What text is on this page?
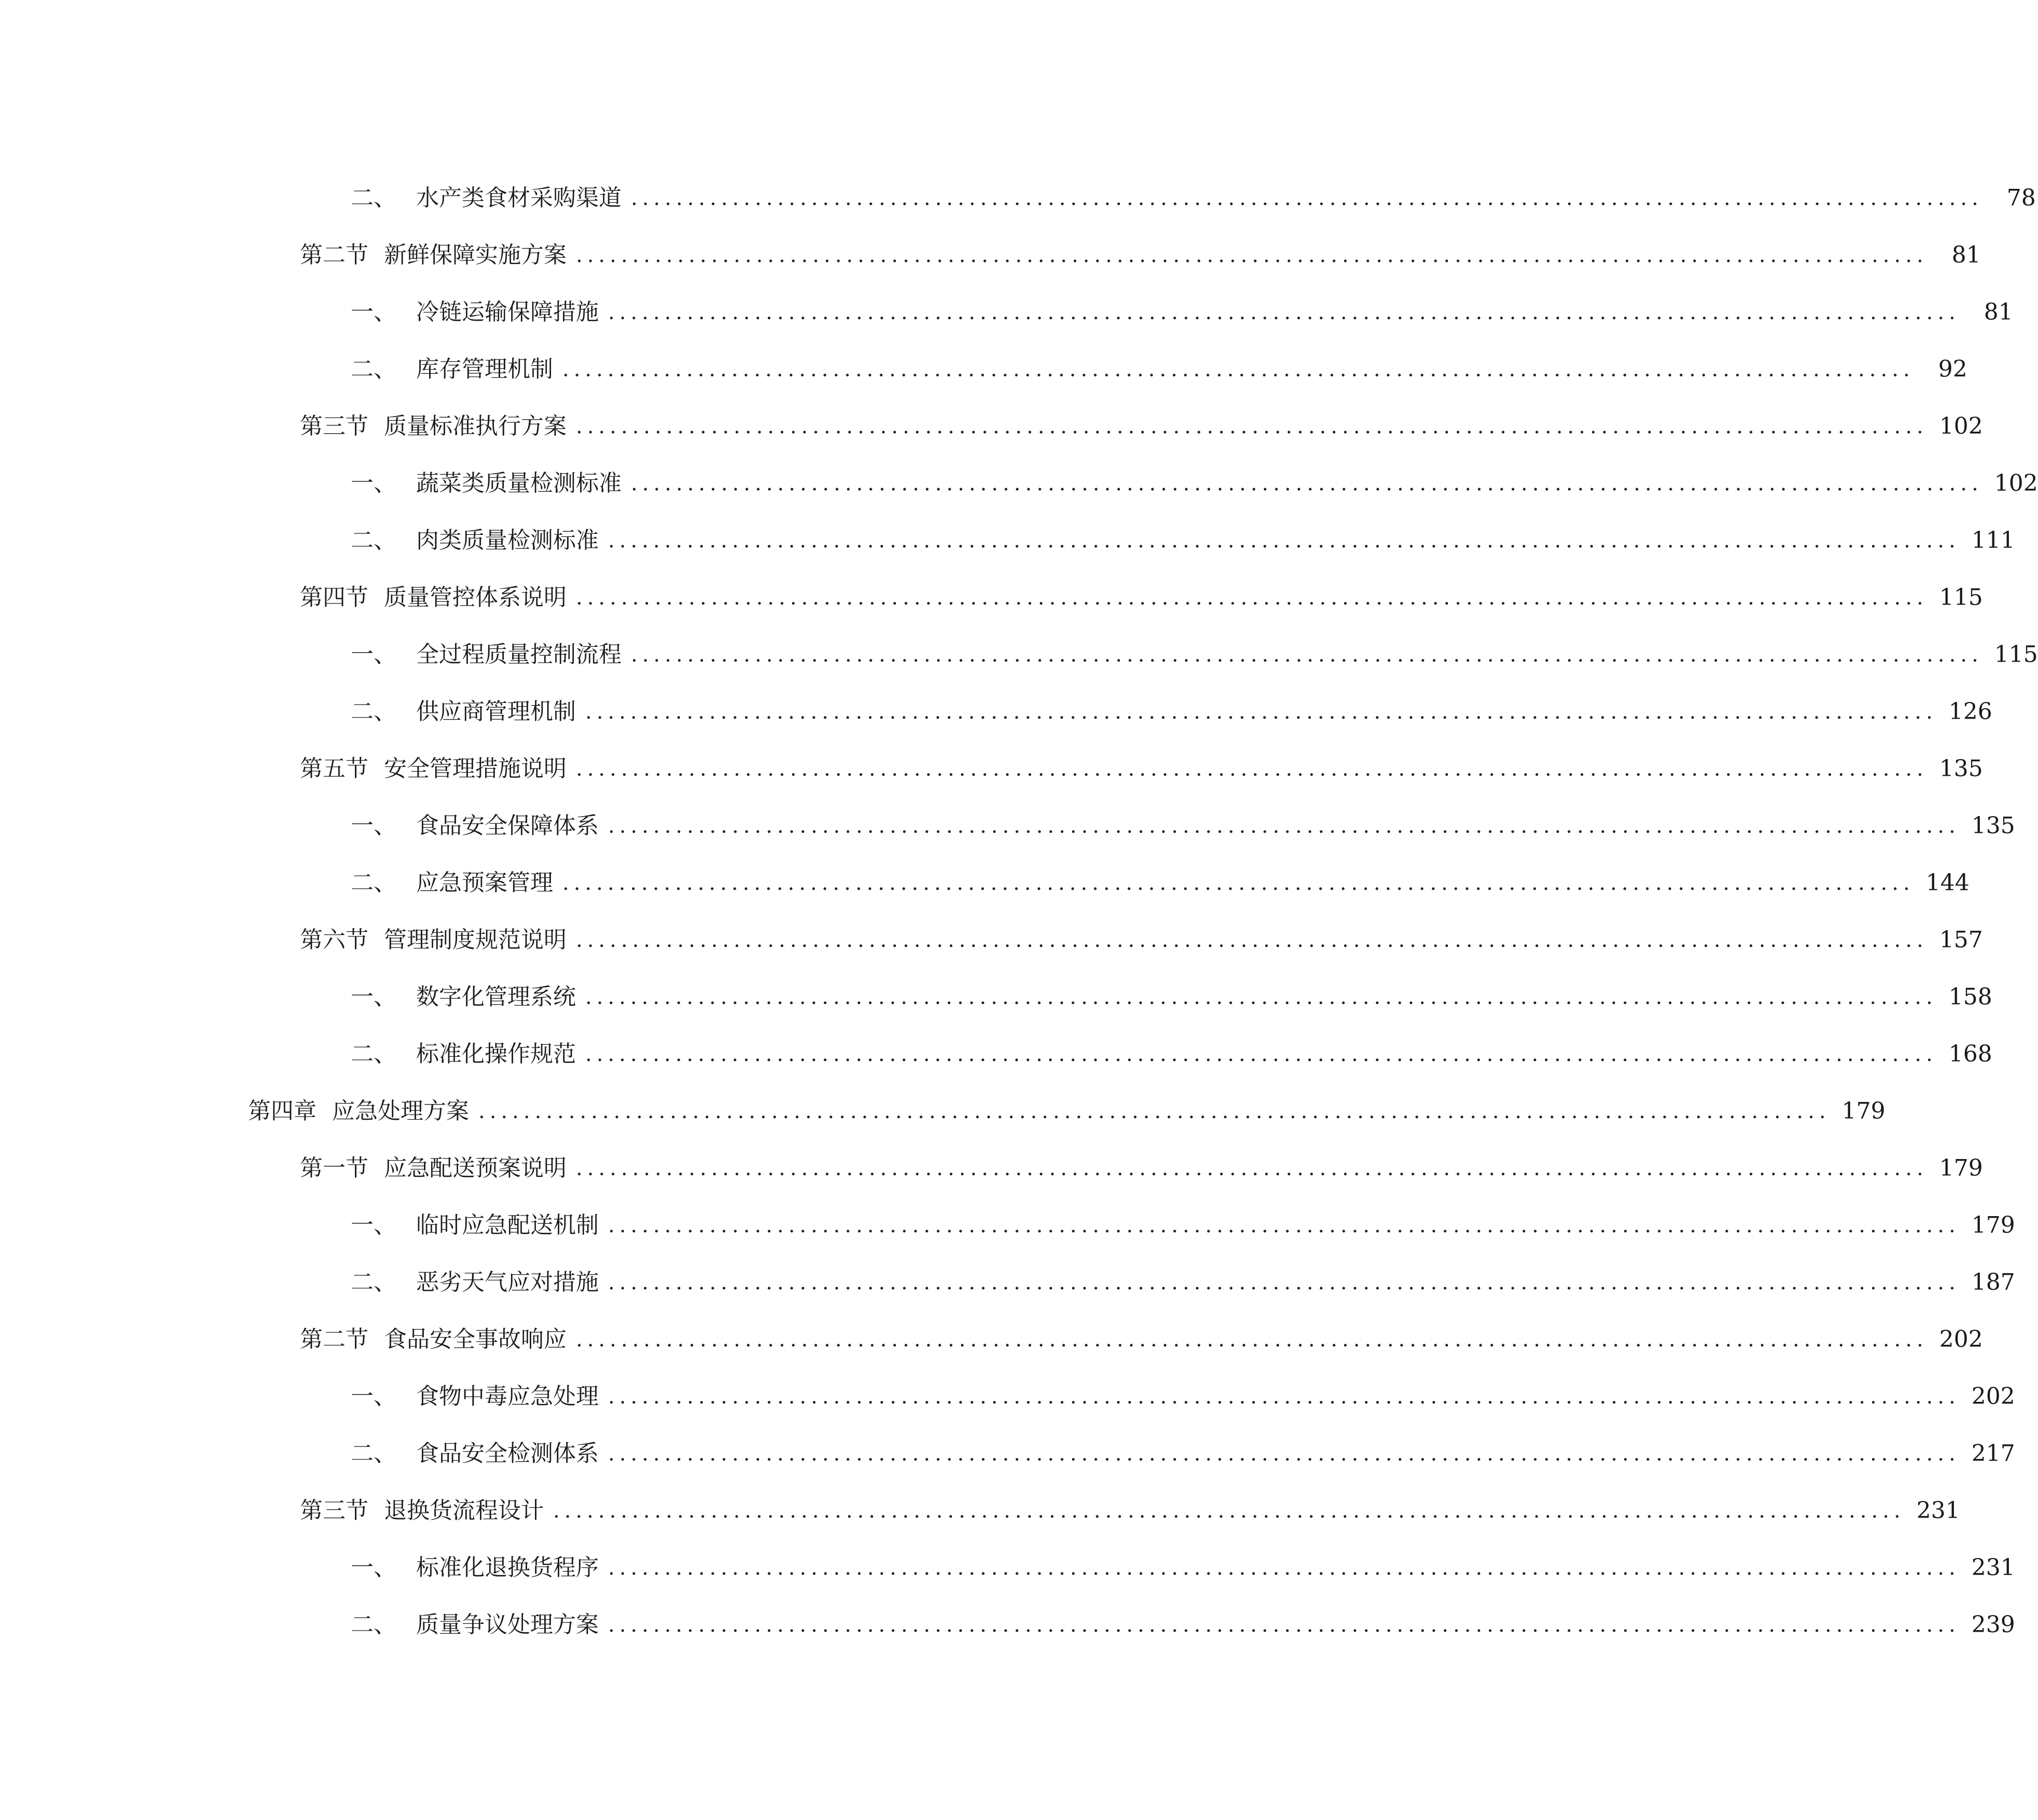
二、 水产类食材采购渠道 ........................................................................................................................	78
第二节 新鲜保障实施方案 ........................................................................................................................	81
一、 冷链运输保障措施 ........................................................................................................................	81
二、 库存管理机制 ........................................................................................................................	92
第三节 质量标准执行方案 ........................................................................................................................ 102
一、 蔬菜类质量检测标准 ........................................................................................................................ 102
二、 肉类质量检测标准 ........................................................................................................................ 111
第四节 质量管控体系说明 ........................................................................................................................ 115
一、 全过程质量控制流程 ........................................................................................................................ 115
二、 供应商管理机制 ........................................................................................................................ 126
第五节 安全管理措施说明 ........................................................................................................................ 135
一、 食品安全保障体系 ........................................................................................................................ 135
二、 应急预案管理 ........................................................................................................................ 144
第六节 管理制度规范说明 ........................................................................................................................ 157
一、 数字化管理系统 ........................................................................................................................ 158
二、 标准化操作规范 ........................................................................................................................ 168
第四章 应急处理方案 ........................................................................................................................ 179
第一节 应急配送预案说明 ........................................................................................................................ 179
一、 临时应急配送机制 ........................................................................................................................ 179
二、 恶劣天气应对措施 ........................................................................................................................ 187
第二节 食品安全事故响应 ........................................................................................................................ 202
一、 食物中毒应急处理 ........................................................................................................................ 202
二、 食品安全检测体系 ........................................................................................................................ 217
第三节 退换货流程设计 ........................................................................................................................ 231
一、 标准化退换货程序 ........................................................................................................................ 231
二、 质量争议处理方案 ........................................................................................................................ 239
